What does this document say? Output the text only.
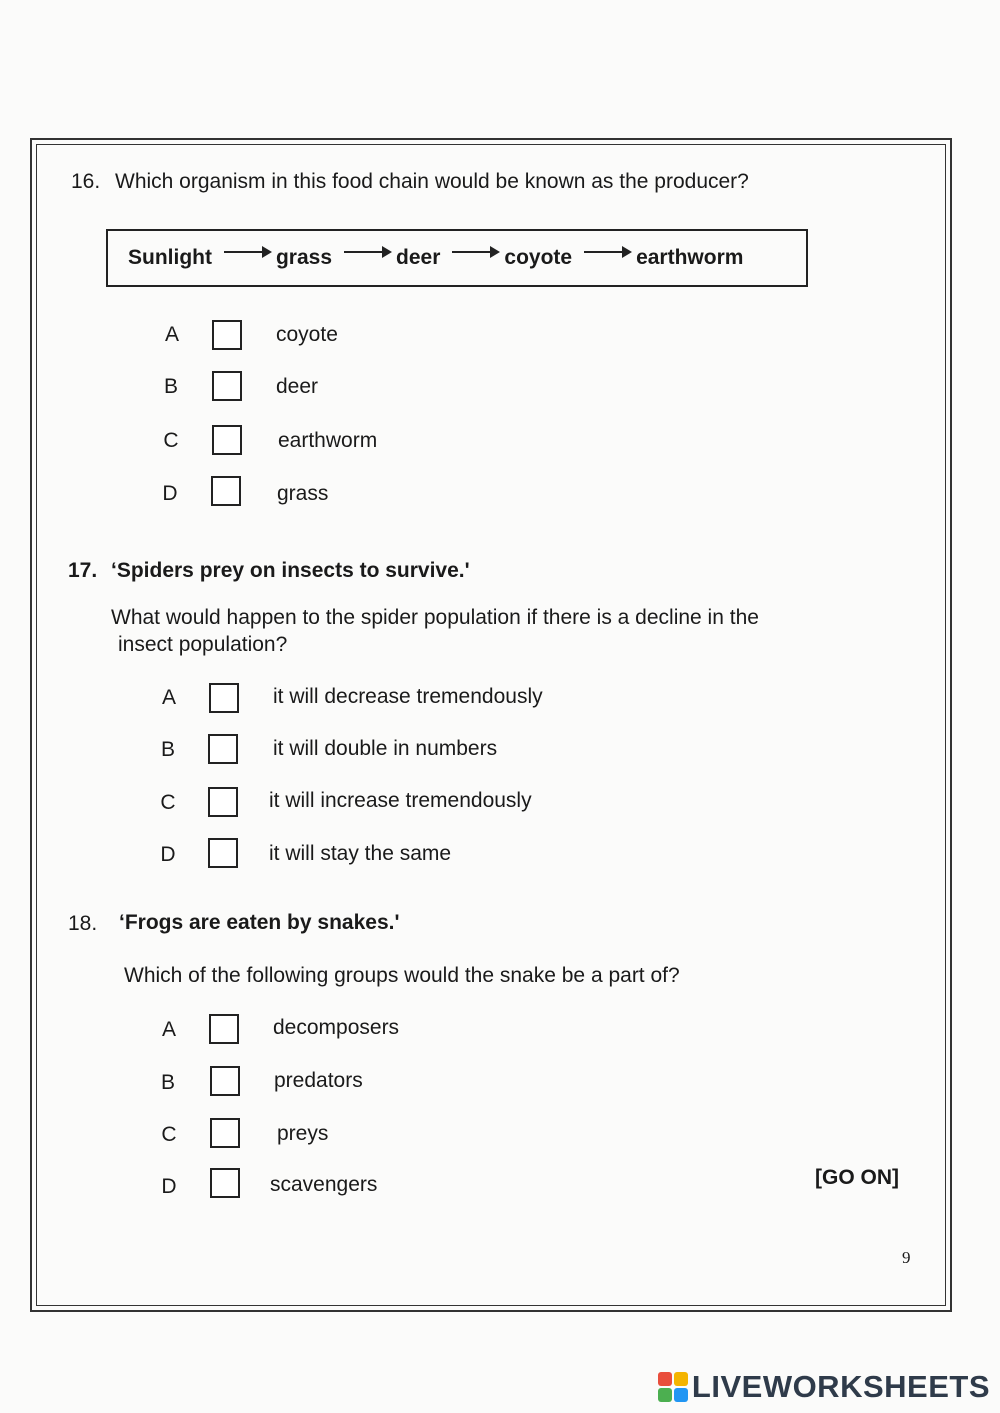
16. Which organism in this food chain would be known as the producer?
Sunlight	grass	deer	coyote	earthworm
A	coyote
B	deer
C	earthworm
D	grass
17. ‘Spiders prey on insects to survive.'
What would happen to the spider population if there is a decline in the
insect population?
A	it will decrease tremendously
B	it will double in numbers
C	it will increase tremendously
D	it will stay the same
18. ‘Frogs are eaten by snakes.'
Which of the following groups would the snake be a part of?
A	decomposers
B	predators
C	preys
D	scavengers	[GO ON]
9
LIVE WORKSHEETS
